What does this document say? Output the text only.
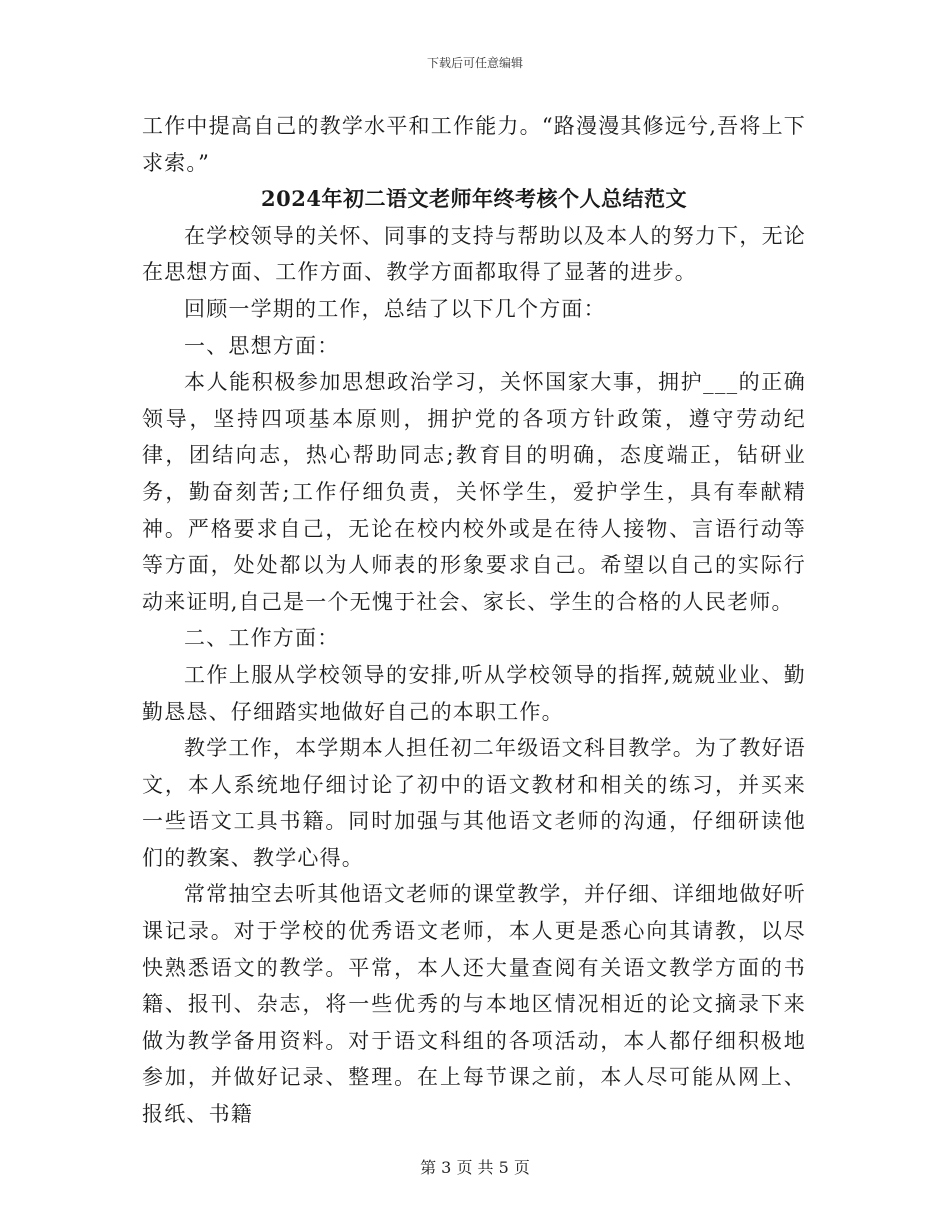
下载后可任意编辑

工作中提高自己的教学水平和工作能力。“路漫漫其修远兮,吾将上下求索。”

2024年初二语文老师年终考核个人总结范文

在学校领导的关怀、同事的支持与帮助以及本人的努力下，无论在思想方面、工作方面、教学方面都取得了显著的进步。

回顾一学期的工作，总结了以下几个方面：

一、思想方面：

本人能积极参加思想政治学习，关怀国家大事，拥护___的正确领导，坚持四项基本原则，拥护党的各项方针政策，遵守劳动纪律，团结向志，热心帮助同志;教育目的明确，态度端正，钻研业务，勤奋刻苦;工作仔细负责，关怀学生，爱护学生，具有奉献精神。严格要求自己，无论在校内校外或是在待人接物、言语行动等等方面，处处都以为人师表的形象要求自己。希望以自己的实际行动来证明,自己是一个无愧于社会、家长、学生的合格的人民老师。

二、工作方面：

工作上服从学校领导的安排,听从学校领导的指挥,兢兢业业、勤勤恳恳、仔细踏实地做好自己的本职工作。

教学工作，本学期本人担任初二年级语文科目教学。为了教好语文，本人系统地仔细讨论了初中的语文教材和相关的练习，并买来一些语文工具书籍。同时加强与其他语文老师的沟通，仔细研读他们的教案、教学心得。

常常抽空去听其他语文老师的课堂教学，并仔细、详细地做好听课记录。对于学校的优秀语文老师，本人更是悉心向其请教，以尽快熟悉语文的教学。平常，本人还大量查阅有关语文教学方面的书籍、报刊、杂志，将一些优秀的与本地区情况相近的论文摘录下来做为教学备用资料。对于语文科组的各项活动，本人都仔细积极地参加，并做好记录、整理。在上每节课之前，本人尽可能从网上、报纸、书籍

第 3 页 共 5 页
